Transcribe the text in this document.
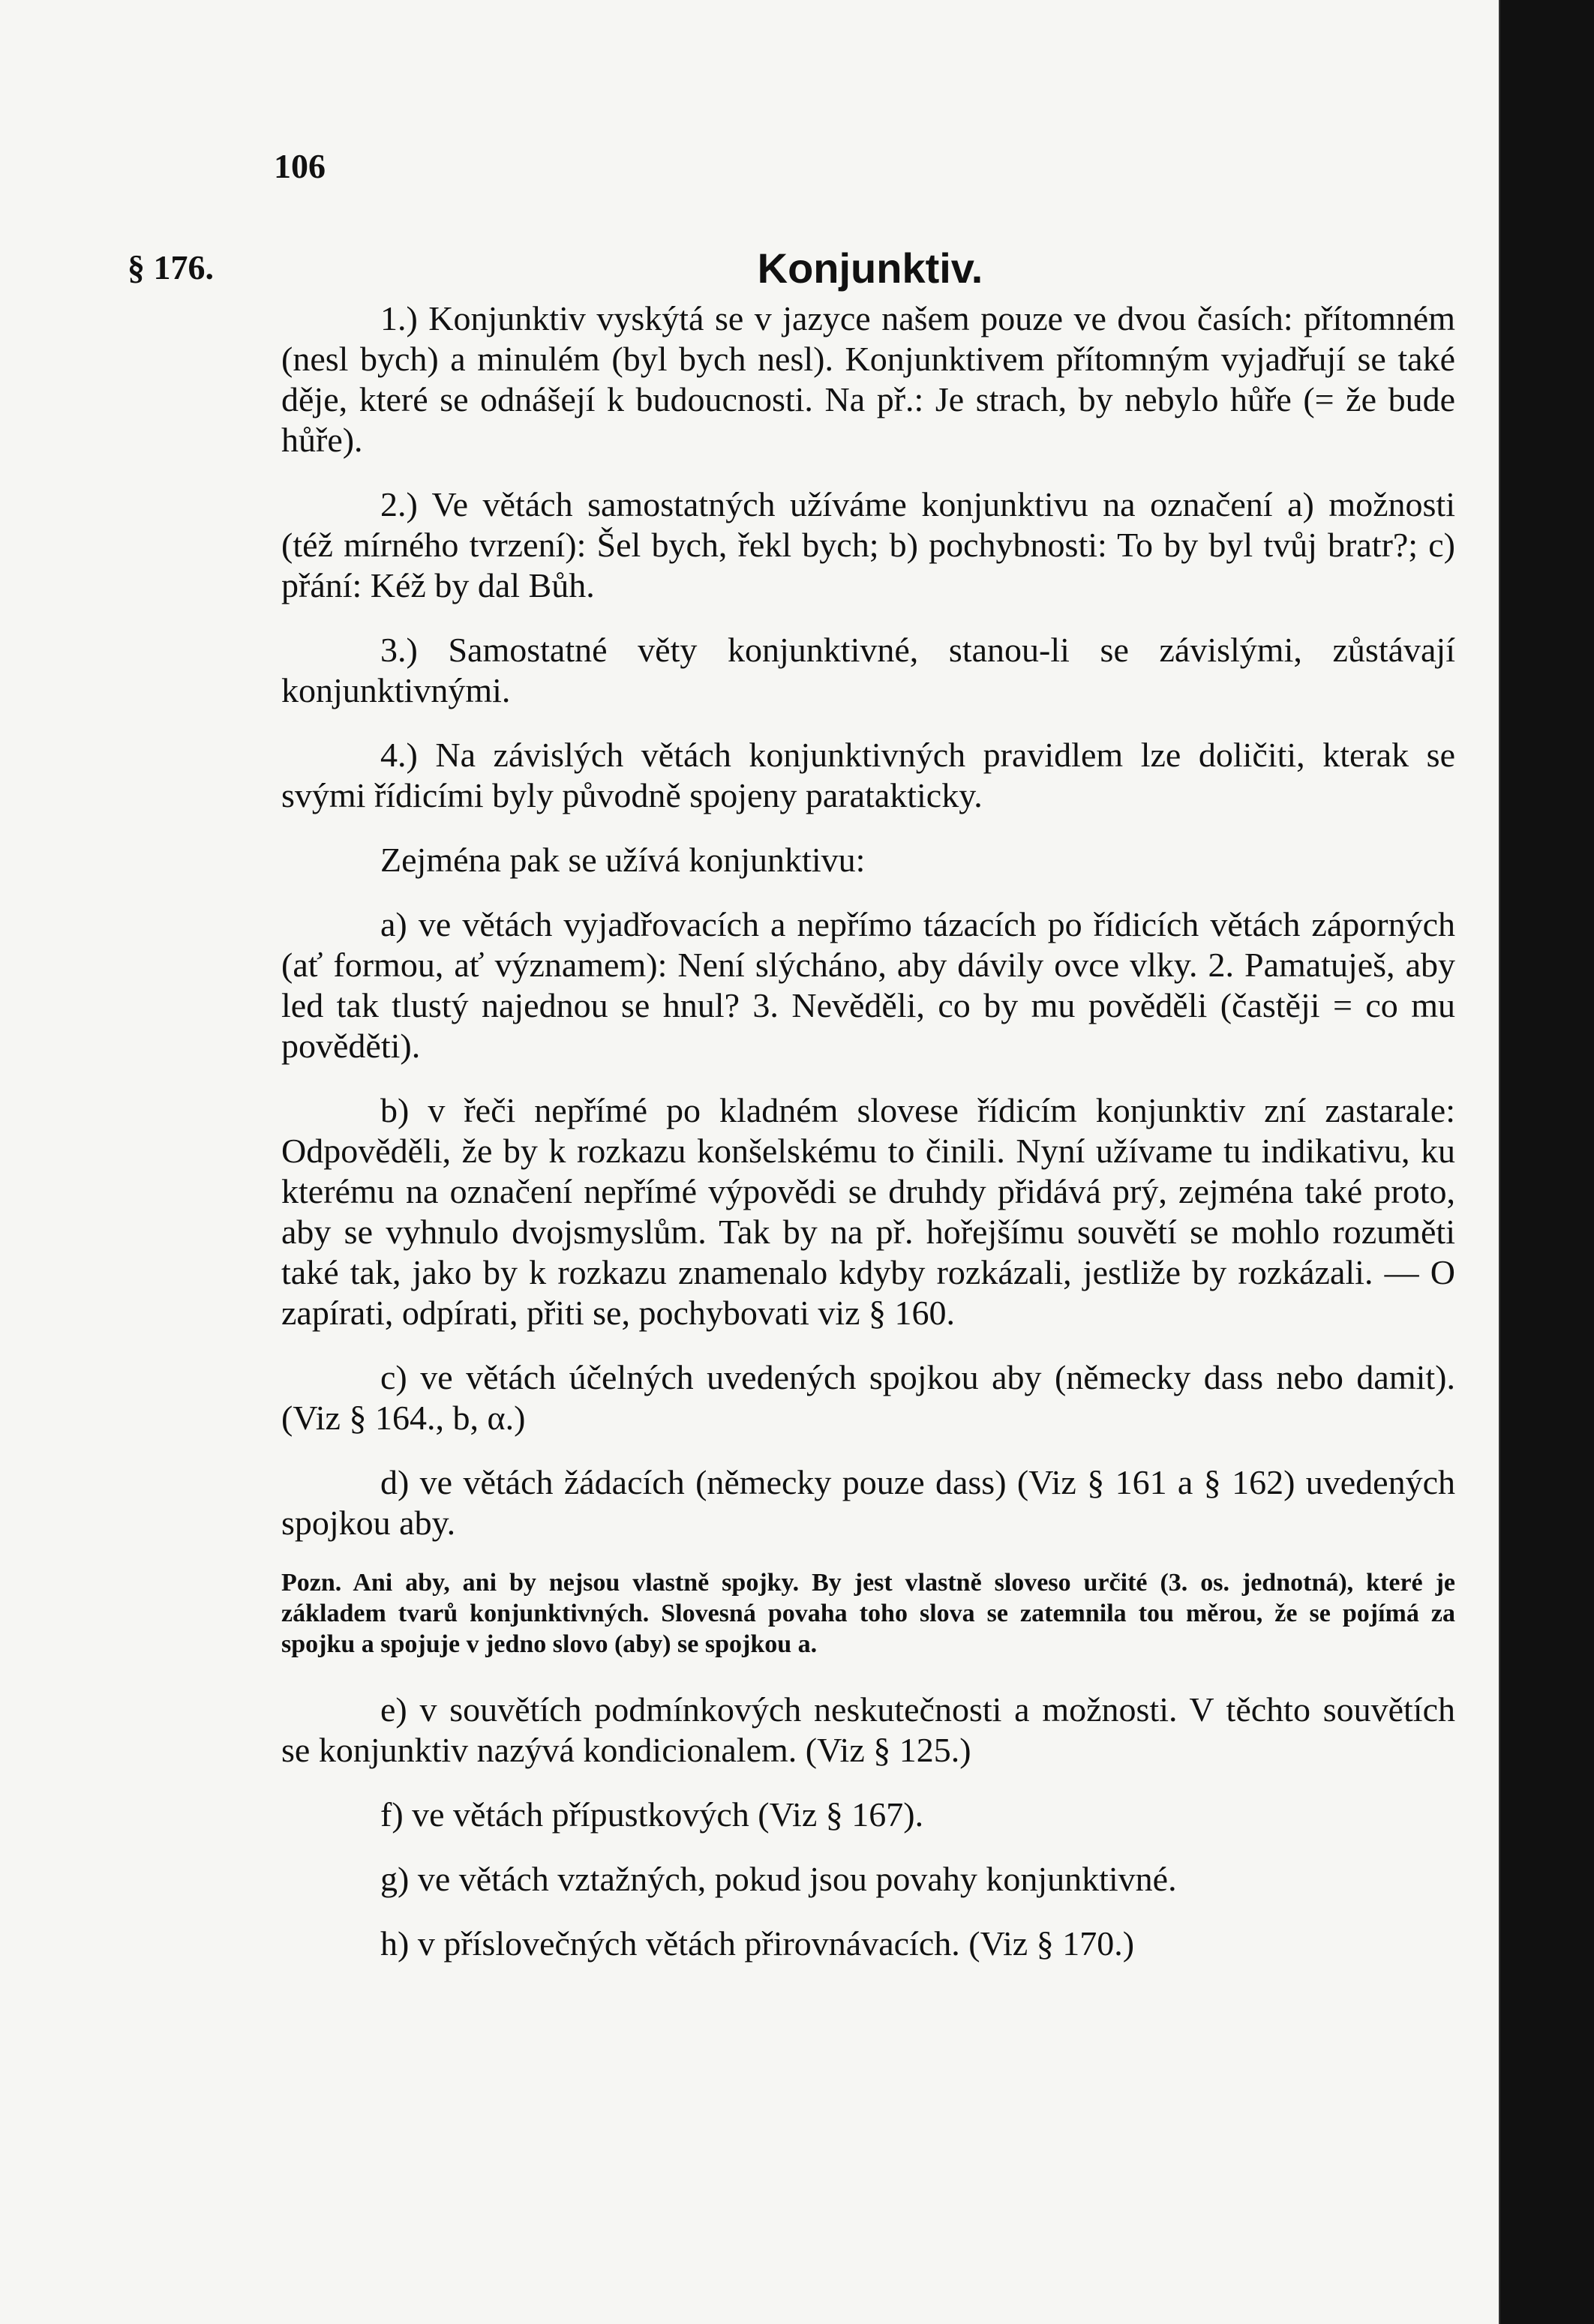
106
§ 176.	Konjunktiv.

1.) Konjunktiv vyskýtá se v jazyce našem pouze ve dvou časích: přítomném (nesl bych) a minulém (byl bych nesl). Konjunktivem přítomným vyjadřují se také děje, které se odnášejí k budoucnosti. Na př.: Je strach, by nebylo hůře (= že bude hůře).

2.) Ve větách samostatných užíváme konjunktivu na označení a) možnosti (též mírného tvrzení): Šel bych, řekl bych; b) pochybnosti: To by byl tvůj bratr?; c) přání: Kéž by dal Bůh.

3.) Samostatné věty konjunktivné, stanou-li se závislými, zůstávají konjunktivnými.

4.) Na závislých větách konjunktivných pravidlem lze doličiti, kterak se svými řídicími byly původně spojeny paratakticky.

Zejména pak se užívá konjunktivu:

a) ve větách vyjadřovacích a nepřímo tázacích po řídicích větách záporných (ať formou, ať významem): Není slýcháno, aby dávily ovce vlky. 2. Pamatuješ, aby led tak tlustý najednou se hnul? 3. Nevěděli, co by mu pověděli (častěji = co mu pověděti).

b) v řeči nepřímé po kladném slovese řídicím konjunktiv zní zastarale: Odpověděli, že by k rozkazu konšelskému to činili. Nyní užívame tu indikativu, ku kterému na označení nepřímé výpovědi se druhdy přidává prý, zejména také proto, aby se vyhnulo dvojsmyslům. Tak by na př. hořejšímu souvětí se mohlo rozuměti také tak, jako by k rozkazu znamenalo kdyby rozkázali, jestliže by rozkázali. — O zapírati, odpírati, přiti se, pochybovati viz § 160.

c) ve větách účelných uvedených spojkou aby (německy dass nebo damit). (Viz § 164., b, α.)

d) ve větách žádacích (německy pouze dass) (Viz § 161 a § 162) uvedených spojkou aby.

Pozn. Ani aby, ani by nejsou vlastně spojky. By jest vlastně sloveso určité (3. os. jednotná), které je základem tvarů konjunktivných. Slovesná povaha toho slova se zatemnila tou měrou, že se pojímá za spojku a spojuje v jedno slovo (aby) se spojkou a.

e) v souvětích podmínkových neskutečnosti a možnosti. V těchto souvětích se konjunktiv nazývá kondicionalem. (Viz § 125.)

f) ve větách přípustkových (Viz § 167).

g) ve větách vztažných, pokud jsou povahy konjunktivné.

h) v příslovečných větách přirovnávacích. (Viz § 170.)
